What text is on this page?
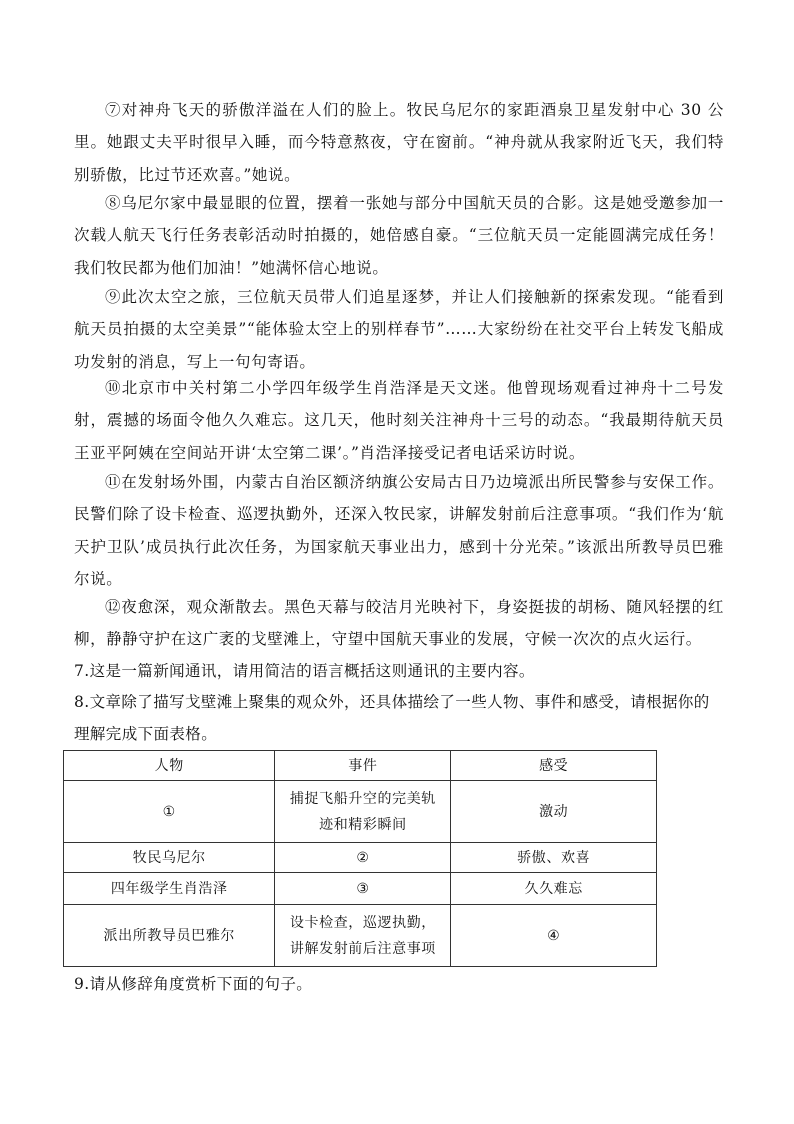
⑦对神舟飞天的骄傲洋溢在人们的脸上。牧民乌尼尔的家距酒泉卫星发射中心 30 公里。她跟丈夫平时很早入睡，而今特意熬夜，守在窗前。“神舟就从我家附近飞天，我们特别骄傲，比过节还欢喜。”她说。

⑧乌尼尔家中最显眼的位置，摆着一张她与部分中国航天员的合影。这是她受邀参加一次载人航天飞行任务表彰活动时拍摄的，她倍感自豪。“三位航天员一定能圆满完成任务！我们牧民都为他们加油！”她满怀信心地说。

⑨此次太空之旅，三位航天员带人们追星逐梦，并让人们接触新的探索发现。“能看到航天员拍摄的太空美景”“能体验太空上的别样春节”……大家纷纷在社交平台上转发飞船成功发射的消息，写上一句句寄语。

⑩北京市中关村第二小学四年级学生肖浩泽是天文迷。他曾现场观看过神舟十二号发射，震撼的场面令他久久难忘。这几天，他时刻关注神舟十三号的动态。“我最期待航天员王亚平阿姨在空间站开讲‘太空第二课’。”肖浩泽接受记者电话采访时说。

⑪在发射场外围，内蒙古自治区额济纳旗公安局古日乃边境派出所民警参与安保工作。民警们除了设卡检查、巡逻执勤外，还深入牧民家，讲解发射前后注意事项。“我们作为‘航天护卫队’成员执行此次任务，为国家航天事业出力，感到十分光荣。”该派出所教导员巴雅尔说。

⑫夜愈深，观众渐散去。黑色天幕与皎洁月光映衬下，身姿挺拔的胡杨、随风轻摆的红柳，静静守护在这广袤的戈壁滩上，守望中国航天事业的发展，守候一次次的点火运行。

7.这是一篇新闻通讯，请用简洁的语言概括这则通讯的主要内容。

8.文章除了描写戈壁滩上聚集的观众外，还具体描绘了一些人物、事件和感受，请根据你的理解完成下面表格。

人物	事件	感受
①	捕捉飞船升空的完美轨迹和精彩瞬间	激动
牧民乌尼尔	②	骄傲、欢喜
四年级学生肖浩泽	③	久久难忘
派出所教导员巴雅尔	设卡检查，巡逻执勤，讲解发射前后注意事项	④

9.请从修辞角度赏析下面的句子。
